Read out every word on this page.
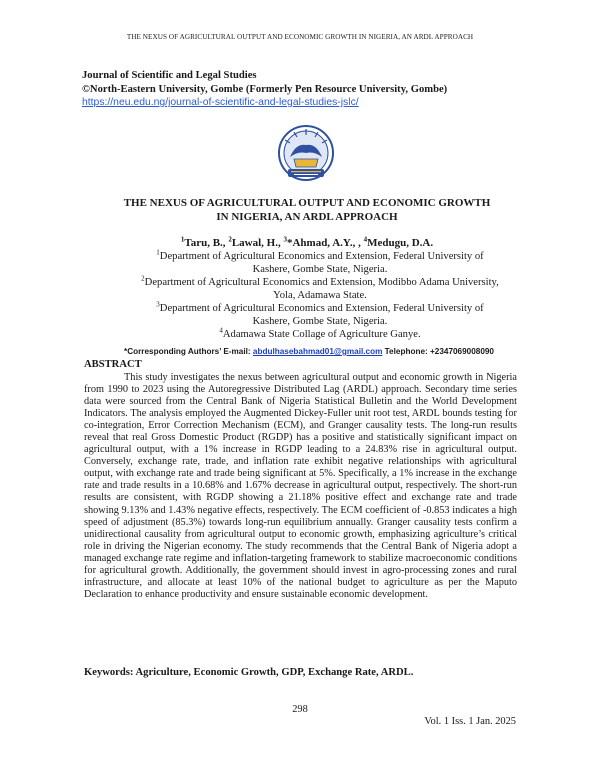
THE NEXUS OF AGRICULTURAL OUTPUT AND ECONOMIC GROWTH IN NIGERIA, AN ARDL APPROACH
Journal of Scientific and Legal Studies
©North-Eastern University, Gombe (Formerly Pen Resource University, Gombe)
https://neu.edu.ng/journal-of-scientific-and-legal-studies-jslc/
THE NEXUS OF AGRICULTURAL OUTPUT AND ECONOMIC GROWTH
IN NIGERIA, AN ARDL APPROACH
$^1$Taru, B., $^2$Lawal, H., $^3$*Ahmad, A.Y., , $^4$Medugu, D.A.
$^1$Department of Agricultural Economics and Extension, Federal University of
Kashere, Gombe State, Nigeria.
$^2$Department of Agricultural Economics and Extension, Modibbo Adama University,
Yola, Adamawa State.
$^3$Department of Agricultural Economics and Extension, Federal University of
Kashere, Gombe State, Nigeria.
$^4$Adamawa State Collage of Agriculture Ganye.
*Corresponding Authors’ E-mail: abdulhasebahmad01@gmail.com Telephone: +2347069008090
ABSTRACT

This study investigates the nexus between agricultural output and economic growth in Nigeria from 1990 to 2023 using the Autoregressive Distributed Lag (ARDL) approach. Secondary time series data were sourced from the Central Bank of Nigeria Statistical Bulletin and the World Development Indicators. The analysis employed the Augmented Dickey-Fuller unit root test, ARDL bounds testing for co-integration, Error Correction Mechanism (ECM), and Granger causality tests. The long-run results reveal that real Gross Domestic Product (RGDP) has a positive and statistically significant impact on agricultural output, with a 1% increase in RGDP leading to a 24.83% rise in agricultural output. Conversely, exchange rate, trade, and inflation rate exhibit negative relationships with agricultural output, with exchange rate and trade being significant at 5%. Specifically, a 1% increase in the exchange rate and trade results in a 10.68% and 1.67% decrease in agricultural output, respectively. The short-run results are consistent, with RGDP showing a 21.18% positive effect and exchange rate and trade showing 9.13% and 1.43% negative effects, respectively. The ECM coefficient of -0.853 indicates a high speed of adjustment (85.3%) towards long-run equilibrium annually. Granger causality tests confirm a unidirectional causality from agricultural output to economic growth, emphasizing agriculture’s critical role in driving the Nigerian economy. The study recommends that the Central Bank of Nigeria adopt a managed exchange rate regime and inflation-targeting framework to stabilize macroeconomic conditions for agricultural growth. Additionally, the government should invest in agro-processing zones and rural infrastructure, and allocate at least 10% of the national budget to agriculture as per the Maputo Declaration to enhance productivity and ensure sustainable economic development.

Keywords: Agriculture, Economic Growth, GDP, Exchange Rate, ARDL.
298
Vol. 1 Iss. 1 Jan. 2025
